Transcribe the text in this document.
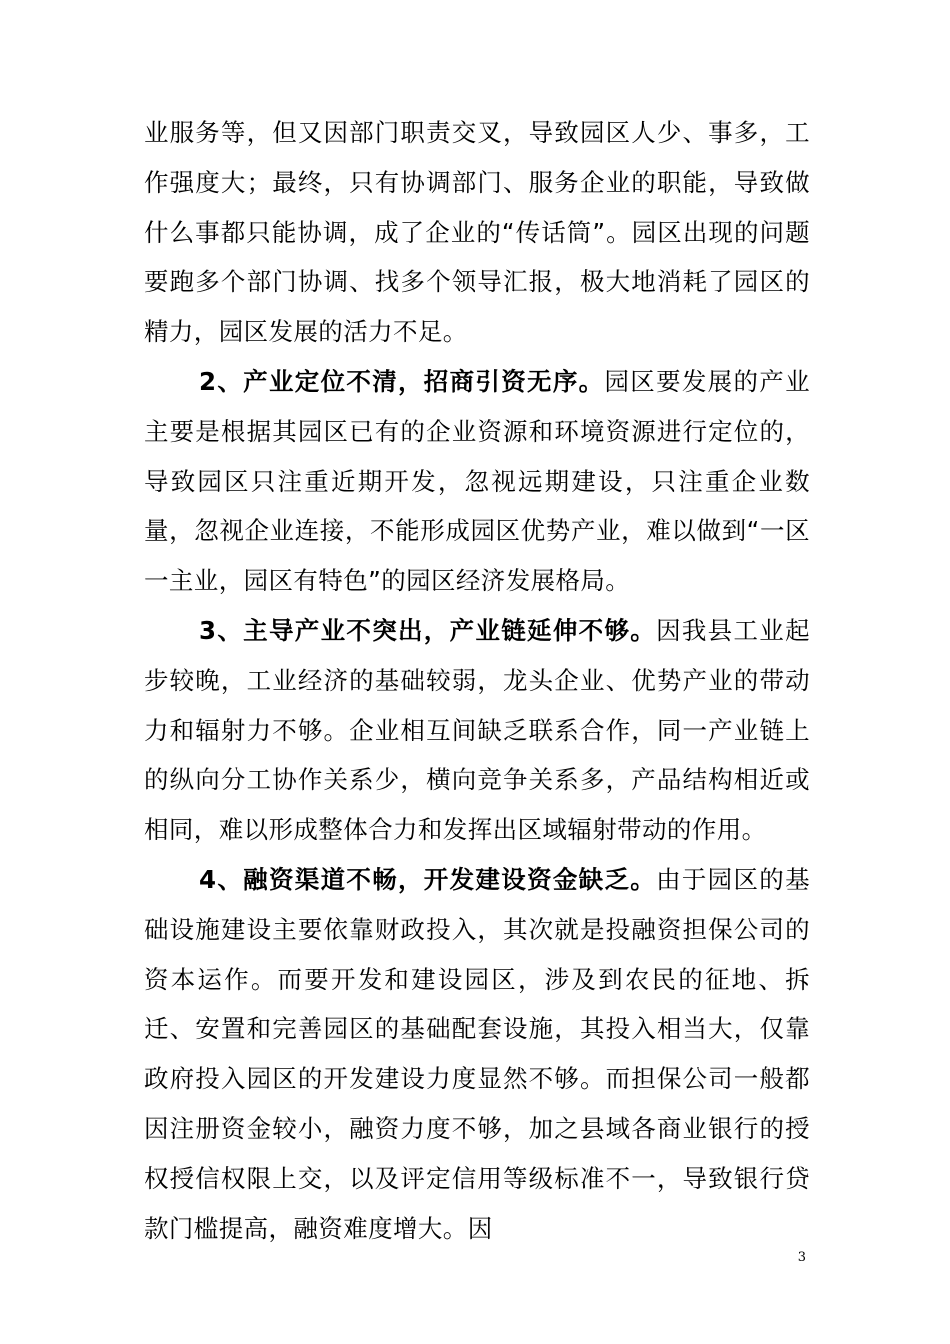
业服务等，但又因部门职责交叉，导致园区人少、事多，工作强度大；最终，只有协调部门、服务企业的职能，导致做什么事都只能协调，成了企业的“传话筒”。园区出现的问题要跑多个部门协调、找多个领导汇报，极大地消耗了园区的精力，园区发展的活力不足。

2、产业定位不清，招商引资无序。园区要发展的产业主要是根据其园区已有的企业资源和环境资源进行定位的，导致园区只注重近期开发，忽视远期建设，只注重企业数量，忽视企业连接，不能形成园区优势产业，难以做到“一区一主业，园区有特色”的园区经济发展格局。

3、主导产业不突出，产业链延伸不够。因我县工业起步较晚，工业经济的基础较弱，龙头企业、优势产业的带动力和辐射力不够。企业相互间缺乏联系合作，同一产业链上的纵向分工协作关系少，横向竞争关系多，产品结构相近或相同，难以形成整体合力和发挥出区域辐射带动的作用。

4、融资渠道不畅，开发建设资金缺乏。由于园区的基础设施建设主要依靠财政投入，其次就是投融资担保公司的资本运作。而要开发和建设园区，涉及到农民的征地、拆迁、安置和完善园区的基础配套设施，其投入相当大，仅靠政府投入园区的开发建设力度显然不够。而担保公司一般都因注册资金较小，融资力度不够，加之县域各商业银行的授权授信权限上交，以及评定信用等级标准不一，导致银行贷款门槛提高，融资难度增大。因

3
